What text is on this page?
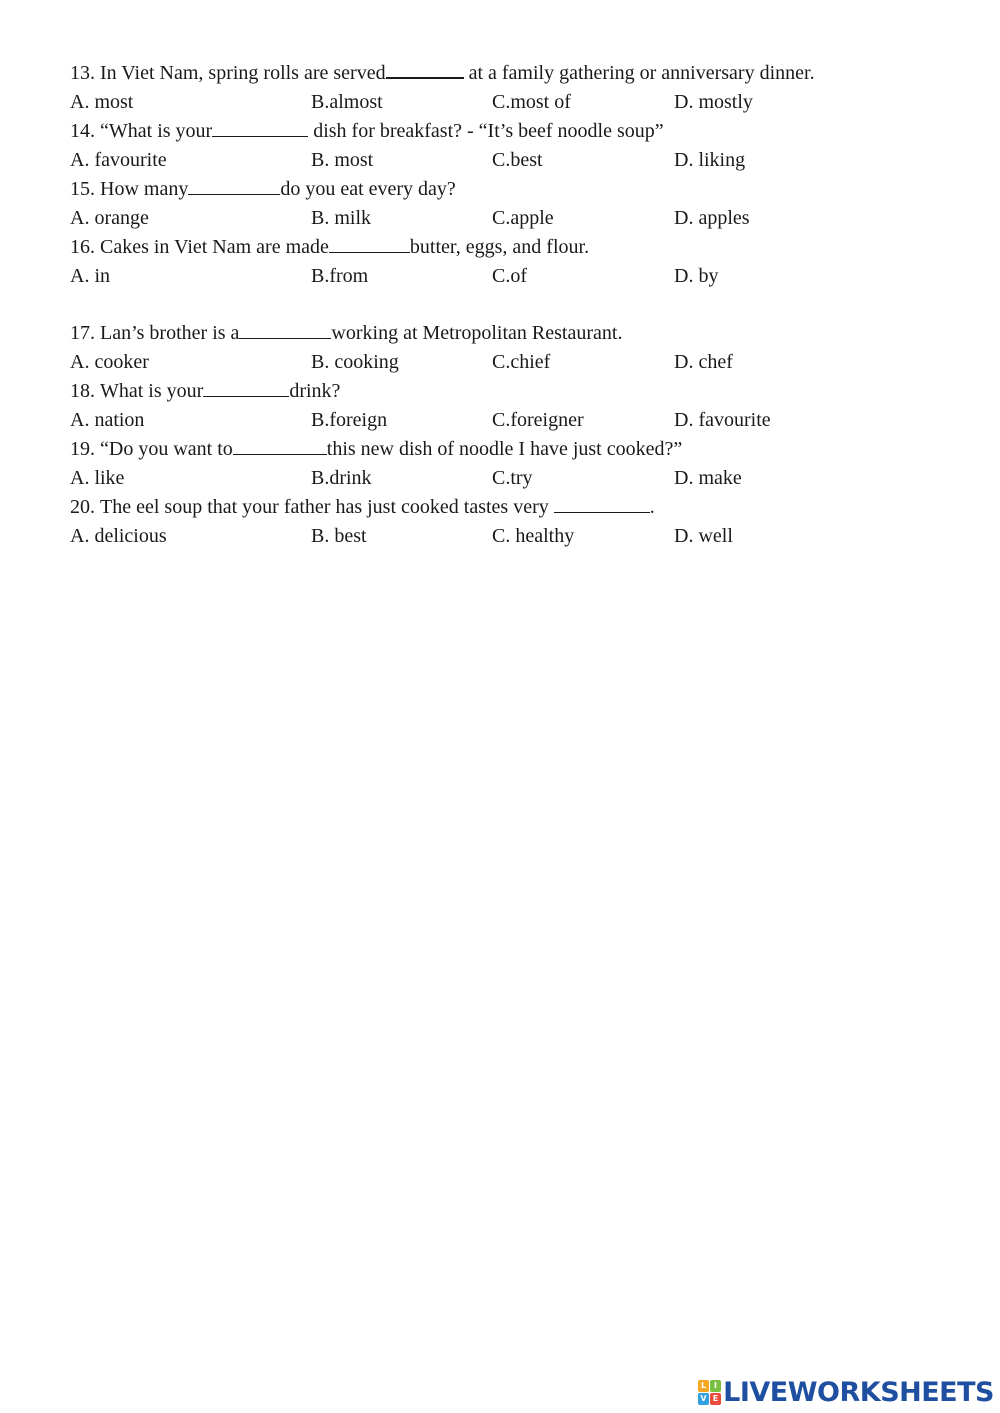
13. In Viet Nam, spring rolls are served	at a family gathering or anniversary dinner.
A. most	B.almost	C.most of	D. mostly
14. “What is your	dish for breakfast? - “It’s beef noodle soup”
A. favourite	B. most	C.best	D. liking
15. How many	do you eat every day?
A. orange	B. milk	C.apple	D. apples
16. Cakes in Viet Nam are made	butter, eggs, and flour.
A. in	B.from	C.of	D. by
17. Lan’s brother is a	working at Metropolitan Restaurant.
A. cooker	B. cooking	C.chief	D. chef
18. What is your	drink?
A. nation	B.foreign	C.foreigner	D. favourite
19. “Do you want to	this new dish of noodle I have just cooked?”
A. like	B.drink	C.try	D. make
20. The eel soup that your father has just cooked tastes very	.
A. delicious	B. best	C. healthy	D. well
L I
V E LIVEWORKSHEETS
